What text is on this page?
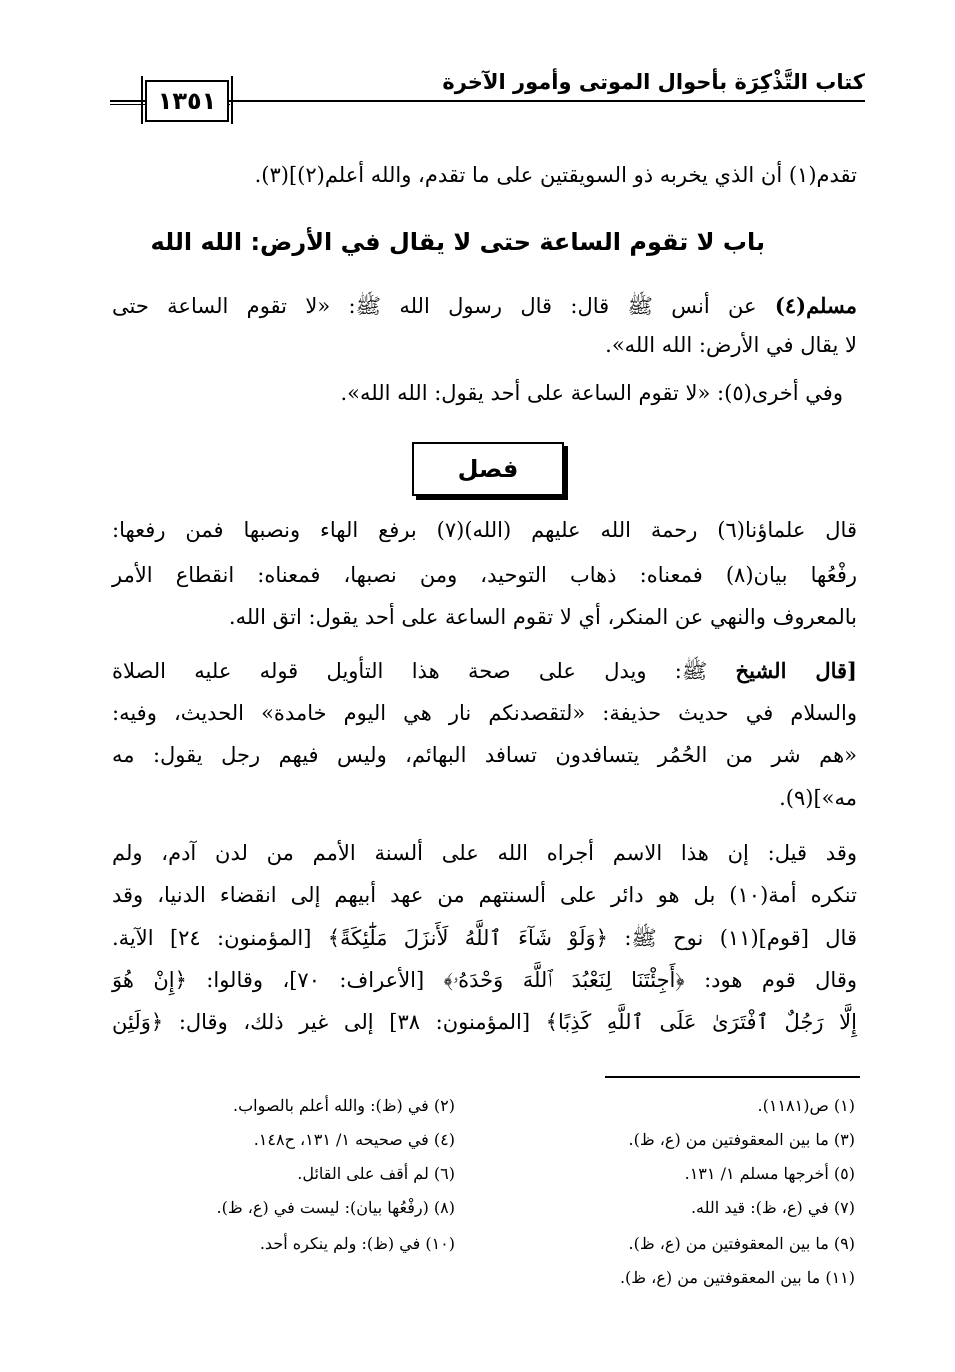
كتاب التَّذْكِرَة بأحوال الموتى وأمور الآخرة
١٣٥١
تقدم(١) أن الذي يخربه ذو السويقتين على ما تقدم، والله أعلم(٢)](٣).
باب لا تقوم الساعة حتى لا يقال في الأرض: الله الله
مسلم(٤) عن أنس ﷺ قال: قال رسول الله ﷺ: «لا تقوم الساعة حتى
لا يقال في الأرض: الله الله».
وفي أخرى(٥): «لا تقوم الساعة على أحد يقول: الله الله».
فصل
قال علماؤنا(٦) رحمة الله عليهم (الله)(٧) برفع الهاء ونصبها فمن رفعها:
رفْعُها بيان(٨) فمعناه: ذهاب التوحيد، ومن نصبها، فمعناه: انقطاع الأمر
بالمعروف والنهي عن المنكر، أي لا تقوم الساعة على أحد يقول: اتق الله.
[قال الشيخ ﷺ: ويدل على صحة هذا التأويل قوله عليه الصلاة
والسلام في حديث حذيفة: «لتقصدنكم نار هي اليوم خامدة» الحديث، وفيه:
«هم شر من الحُمُر يتسافدون تسافد البهائم، وليس فيهم رجل يقول: مه
مه»](٩).
وقد قيل: إن هذا الاسم أجراه الله على ألسنة الأمم من لدن آدم، ولم
تنكره أمة(١٠) بل هو دائر على ألسنتهم من عهد أبيهم إلى انقضاء الدنيا، وقد
قال [قوم](١١) نوح ﷺ: ﴿وَلَوْ شَآءَ ٱللَّهُ لَأَنزَلَ مَلَٰٓئِكَةً﴾ [المؤمنون: ٢٤] الآية.
وقال قوم هود: ﴿أَجِئْتَنَا لِنَعْبُدَ ٱللَّهَ وَحْدَهُۥ﴾ [الأعراف: ٧٠]، وقالوا: ﴿إِنْ هُوَ
إِلَّا رَجُلٌ ٱفْتَرَىٰ عَلَى ٱللَّهِ كَذِبًا﴾ [المؤمنون: ٣٨] إلى غير ذلك، وقال: ﴿وَلَئِن
(١) ص(١١٨١).
(٢) في (ظ): والله أعلم بالصواب.
(٣) ما بين المعقوفتين من (ع، ظ).
(٤) في صحيحه ١/ ١٣١، ح١٤٨.
(٥) أخرجها مسلم ١/ ١٣١.
(٦) لم أقف على القائل.
(٧) في (ع، ظ): قيد الله.
(٨) (رفْعُها بيان): ليست في (ع، ظ).
(٩) ما بين المعقوفتين من (ع، ظ).
(١٠) في (ظ): ولم ينكره أحد.
(١١) ما بين المعقوفتين من (ع، ظ).
